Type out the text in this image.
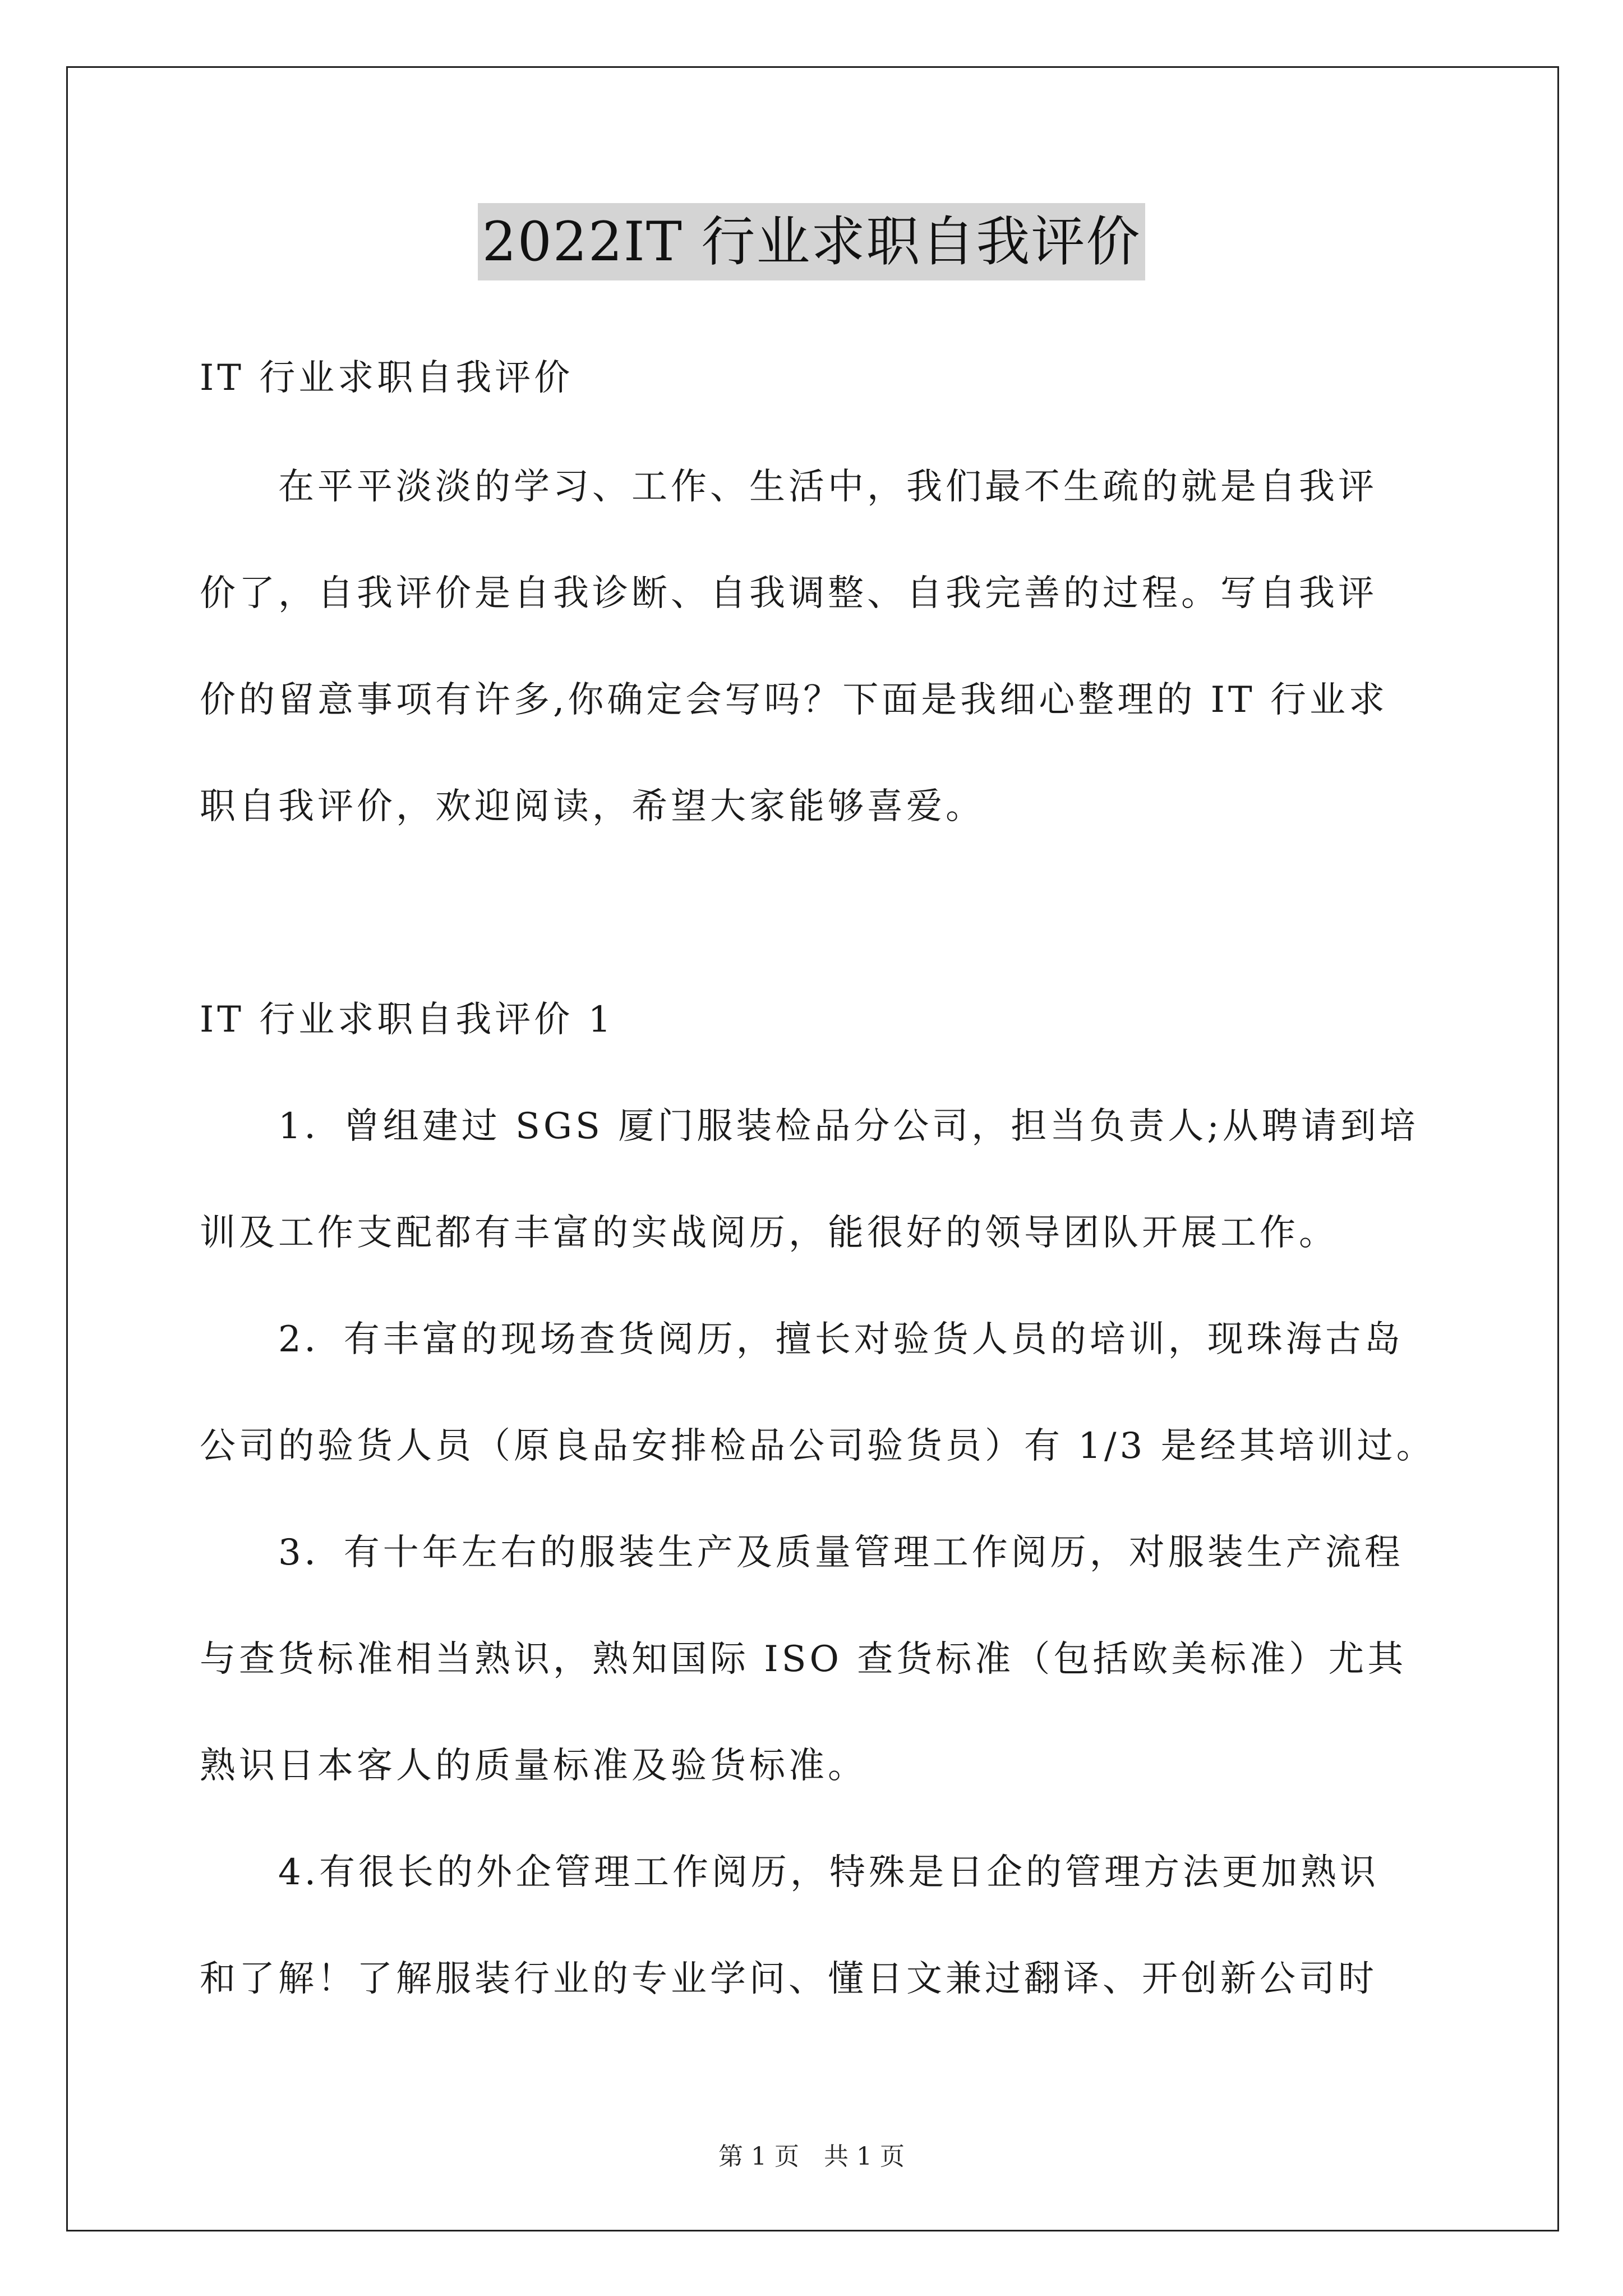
2022IT 行业求职自我评价
IT 行业求职自我评价
　　在平平淡淡的学习、工作、生活中，我们最不生疏的就是自我评
价了，自我评价是自我诊断、自我调整、自我完善的过程。写自我评
价的留意事项有许多,你确定会写吗？下面是我细心整理的 IT 行业求
职自我评价，欢迎阅读，希望大家能够喜爱。
IT 行业求职自我评价 1
　　1．曾组建过 SGS 厦门服装检品分公司，担当负责人;从聘请到培
训及工作支配都有丰富的实战阅历，能很好的领导团队开展工作。
　　2．有丰富的现场查货阅历，擅长对验货人员的培训，现珠海古岛
公司的验货人员（原良品安排检品公司验货员）有 1/3 是经其培训过。
　　3．有十年左右的服装生产及质量管理工作阅历，对服装生产流程
与查货标准相当熟识，熟知国际 ISO 查货标准（包括欧美标准）尤其
熟识日本客人的质量标准及验货标准。
　　4.有很长的外企管理工作阅历，特殊是日企的管理方法更加熟识
和了解！了解服装行业的专业学问、懂日文兼过翻译、开创新公司时
第 1 页　共 1 页
